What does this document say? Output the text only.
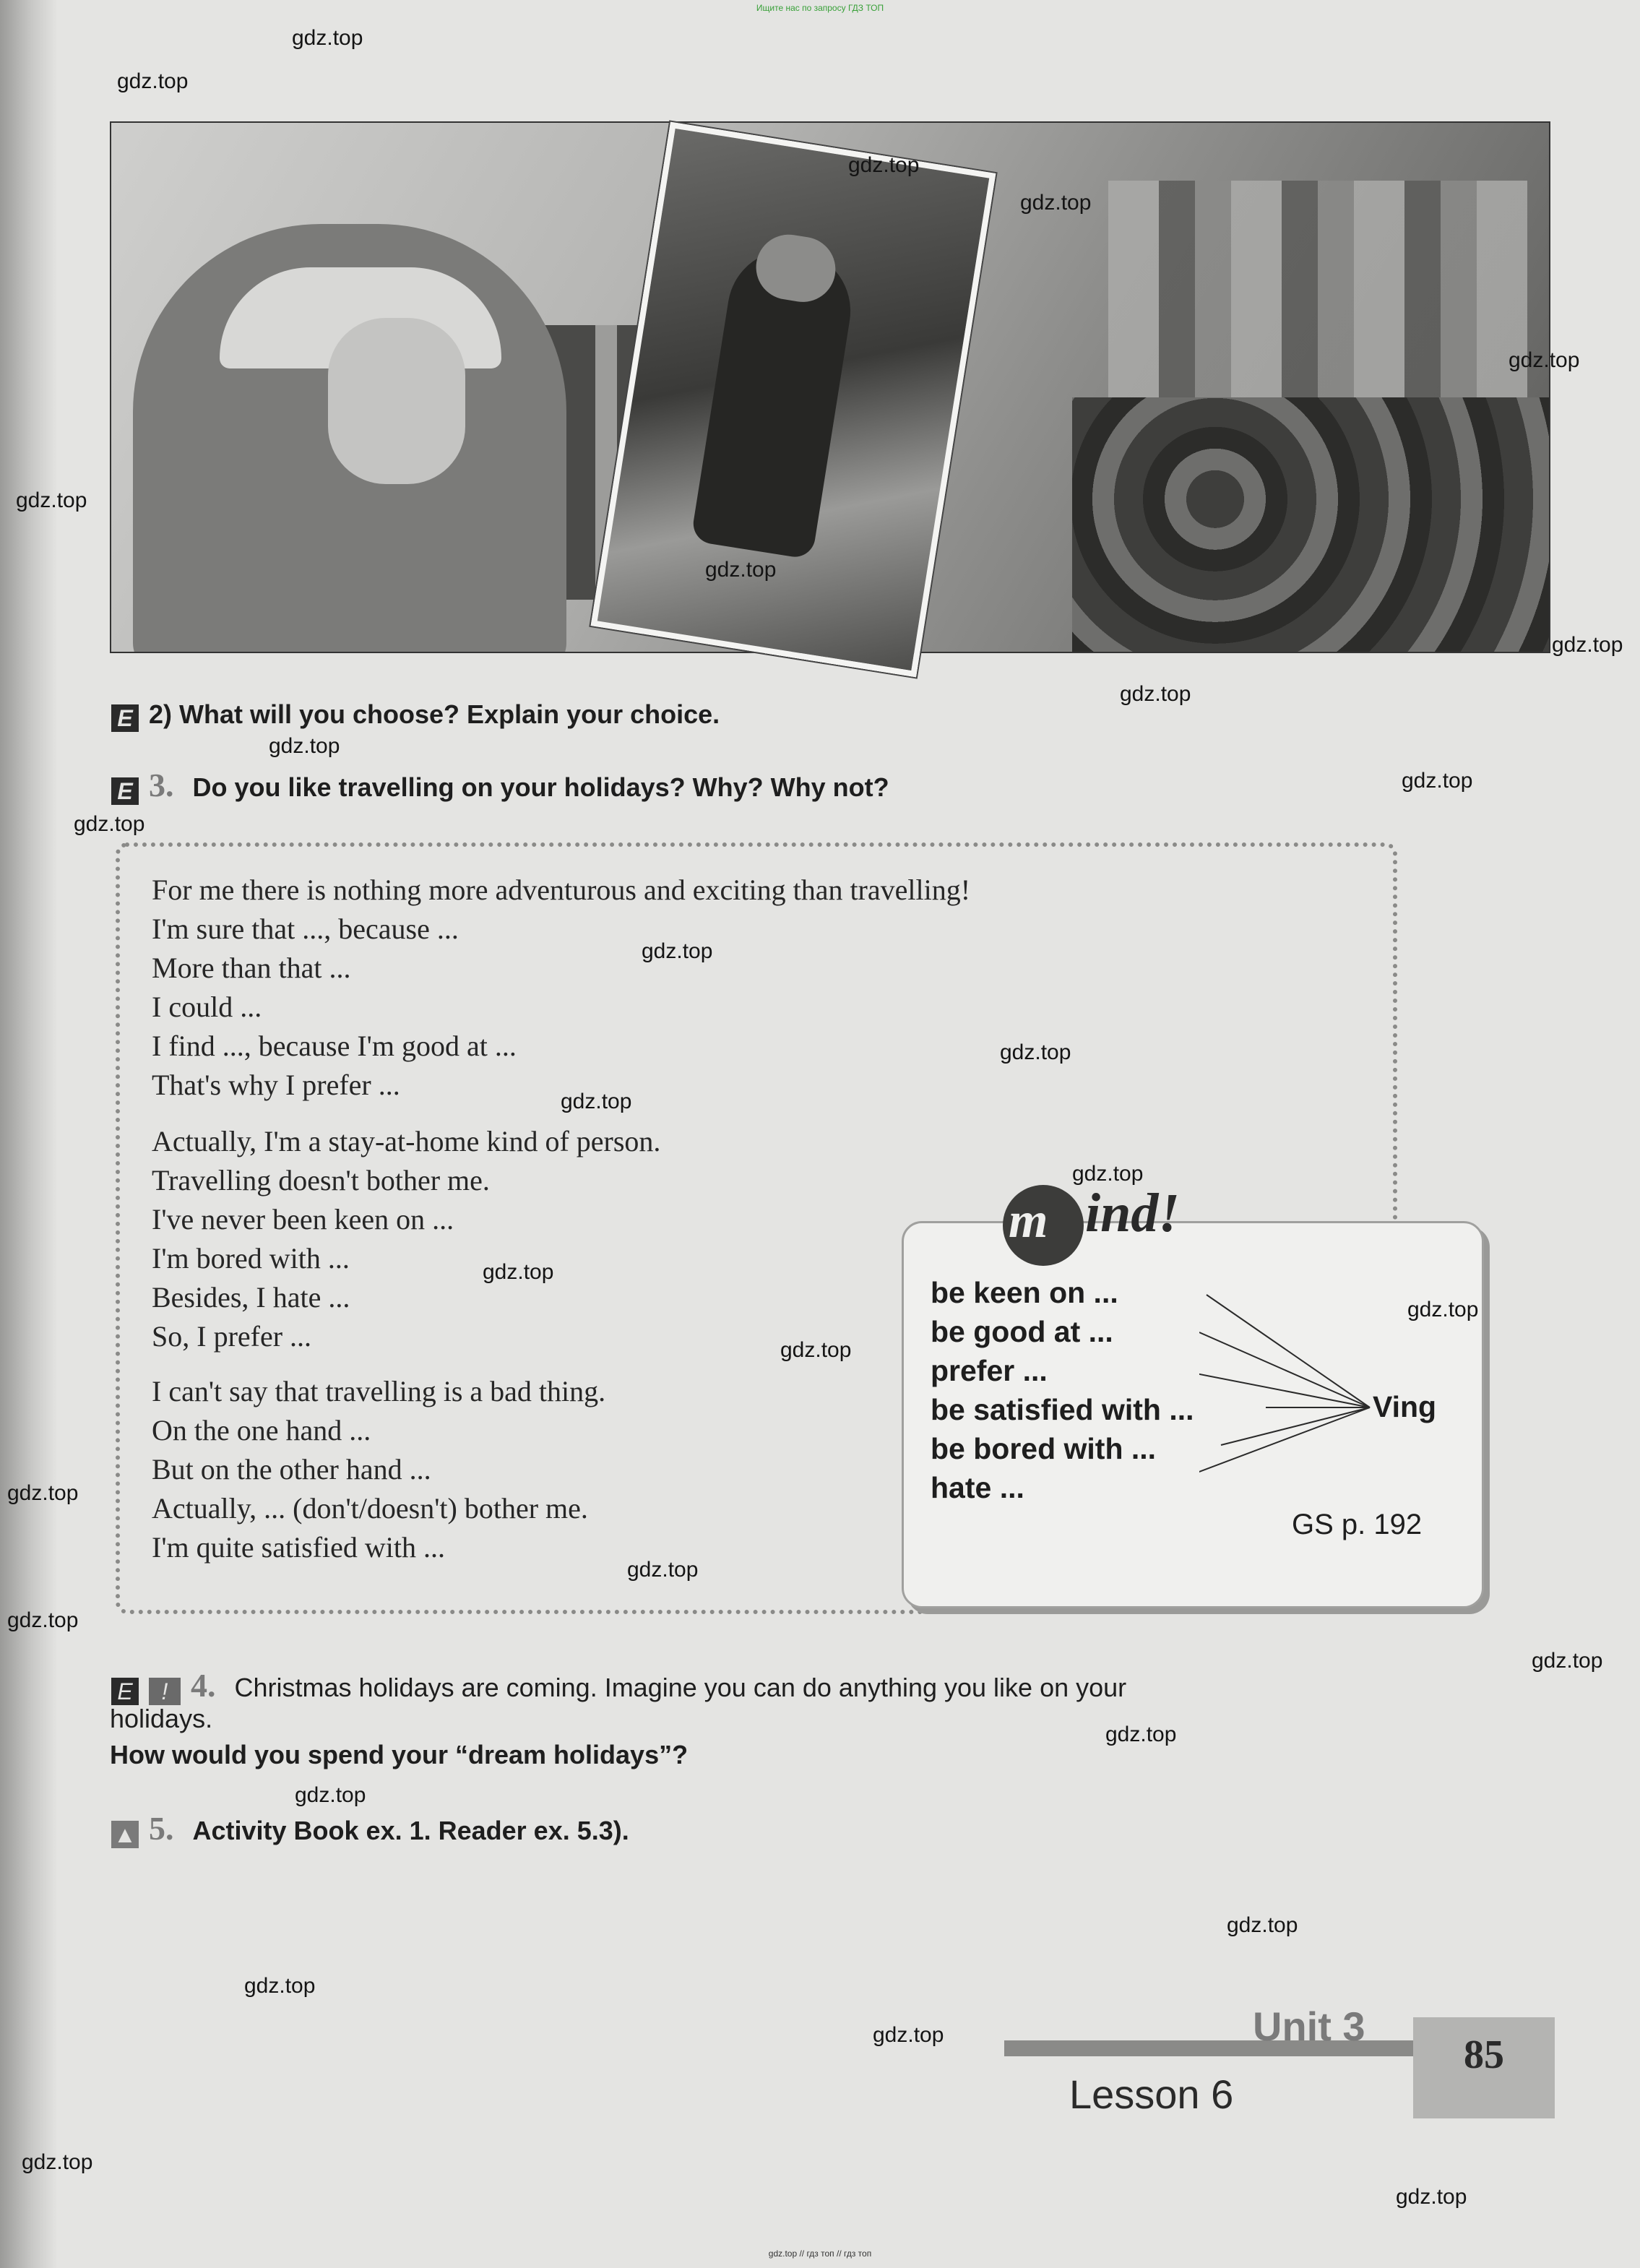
Ищите нас по запросу ГДЗ ТОП
E 2) What will you choose? Explain your choice.
E 3. Do you like travelling on your holidays? Why? Why not?
For me there is nothing more adventurous and exciting than travelling!
I'm sure that ..., because ...
More than that ...
I could ...
I find ..., because I'm good at ...
That's why I prefer ...
Actually, I'm a stay-at-home kind of person.
Travelling doesn't bother me.
I've never been keen on ...
I'm bored with ...
Besides, I hate ...
So, I prefer ...
I can't say that travelling is a bad thing.
On the one hand ...
But on the other hand ...
Actually, ... (don't/doesn't) bother me.
I'm quite satisfied with ...
m ind!
be keen on ...
be good at ...
prefer ...
be satisfied with ...
be bored with ...
hate ...
Ving
GS p. 192
E ! 4. Christmas holidays are coming. Imagine you can do anything you like on your
holidays.
How would you spend your “dream holidays”?
▲ 5. Activity Book ex. 1. Reader ex. 5.3).
Unit 3
Lesson 6
85
gdz.top
gdz.top
gdz.top
gdz.top
gdz.top
gdz.top
gdz.top
gdz.top
gdz.top
gdz.top
gdz.top
gdz.top
gdz.top
gdz.top
gdz.top
gdz.top
gdz.top
gdz.top
gdz.top
gdz.top
gdz.top
gdz.top
gdz.top
gdz.top
gdz.top
gdz.top
gdz.top
gdz.top
gdz.top
gdz.top
gdz.top // гдз топ // гдз топ
